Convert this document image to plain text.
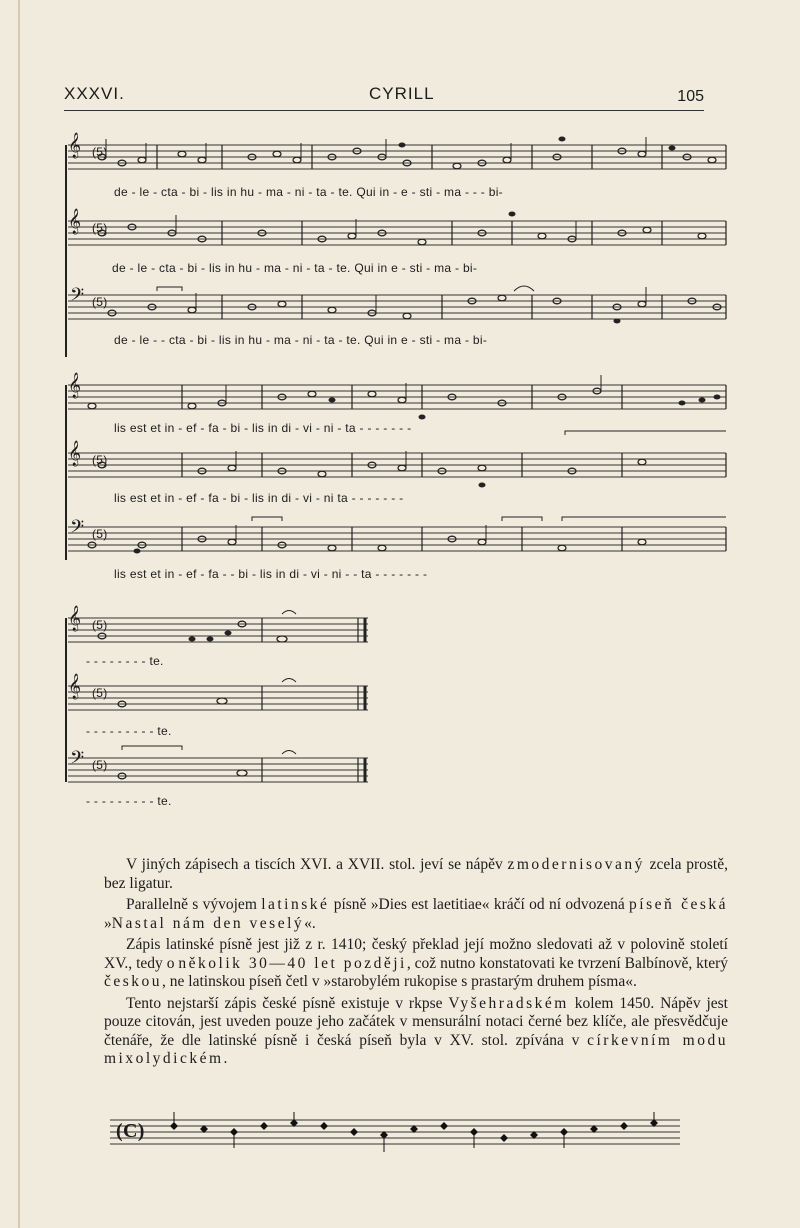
XXXVI.	CYRILL	105
𝄞 (5)
𝄞 (5)
𝄢 (5)
de - le - cta - bi - lis in hu - ma - ni - ta - te. Qui in - e - sti - ma - - - bi-
de - le - cta - bi - lis in hu - ma - ni - ta - te. Qui in e - sti - ma - bi-
de - le - - cta - bi - lis in hu - ma - ni - ta - te. Qui in e - sti - ma - bi-
𝄞
𝄞 (5)
𝄢 (5)
lis est et in - ef - fa - bi - lis in di - vi - ni - ta - - - - - - -
lis est et in - ef - fa - bi - lis in di - vi - ni ta - - - - - - -
lis est et in - ef - fa - - bi - lis in di - vi - ni - - ta - - - - - - -
𝄞 (5)
𝄞 (5)
𝄢 (5)
- - - - - - - - te.
- - - - - - - - - te.
- - - - - - - - - te.

V jiných zápisech a tiscích XVI. a XVII. stol. jeví se nápěv zmodernisovaný zcela prostě, bez ligatur.

Parallelně s vývojem latinské písně »Dies est laetitiae« kráčí od ní odvozená píseň česká »Nastal nám den veselý«.

Zápis latinské písně jest již z r. 1410; český překlad její možno sledovati až v polovině století XV., tedy o několik 30—40 let později, což nutno konstatovati ke tvrzení Balbínově, který českou, ne latinskou píseň četl v »starobylém rukopise s prastarým druhem písma«.

Tento nejstarší zápis české písně existuje v rkpse Vyšehradském kolem 1450. Nápěv jest pouze citován, jest uveden pouze jeho začátek v mensurální notaci černé bez klíče, ale přesvědčuje čtenáře, že dle latinské písně i česká píseň byla v XV. stol. zpívána v církevním modu mixolydickém.

(C)
